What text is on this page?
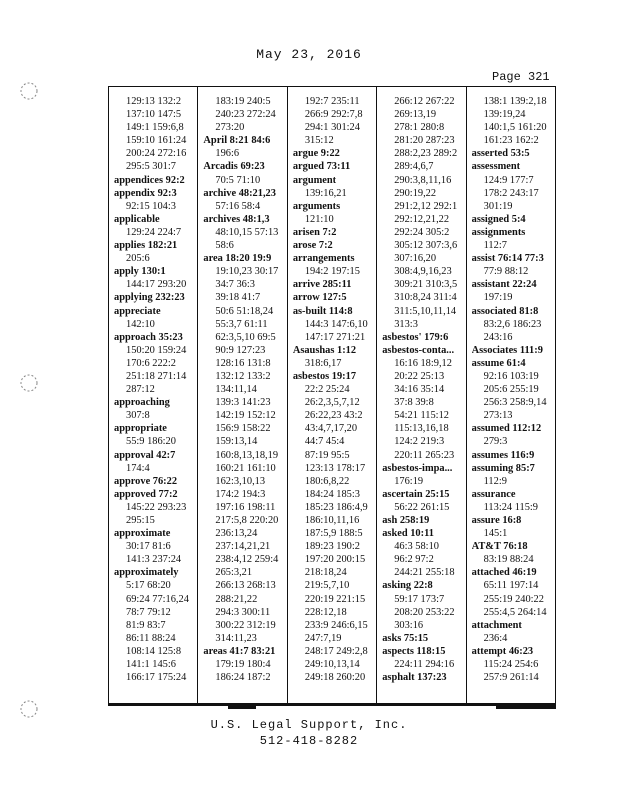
May 23, 2016
Page 321
129:13 132:2
137:10 147:5
149:1 159:6,8
159:10 161:24
200:24 272:16
295:5 301:7
appendices 92:2
appendix 92:3
92:15 104:3
applicable
129:24 224:7
applies 182:21
205:6
apply 130:1
144:17 293:20
applying 232:23
appreciate
142:10
approach 35:23
150:20 159:24
170:6 222:2
251:18 271:14
287:12
approaching
307:8
appropriate
55:9 186:20
approval 42:7
174:4
approve 76:22
approved 77:2
145:22 293:23
295:15
approximate
30:17 81:6
141:3 237:24
approximately
5:17 68:20
69:24 77:16,24
78:7 79:12
81:9 83:7
86:11 88:24
108:14 125:8
141:1 145:6
166:17 175:24
183:19 240:5
240:23 272:24
273:20
April 8:21 84:6
196:6
Arcadis 69:23
70:5 71:10
archive 48:21,23
57:16 58:4
archives 48:1,3
48:10,15 57:13
58:6
area 18:20 19:9
19:10,23 30:17
34:7 36:3
39:18 41:7
50:6 51:18,24
55:3,7 61:11
62:3,5,10 69:5
90:9 127:23
128:16 131:8
132:12 133:2
134:11,14
139:3 141:23
142:19 152:12
156:9 158:22
159:13,14
160:8,13,18,19
160:21 161:10
162:3,10,13
174:2 194:3
197:16 198:11
217:5,8 220:20
236:13,24
237:14,21,21
238:4,12 259:4
265:3,21
266:13 268:13
288:21,22
294:3 300:11
300:22 312:19
314:11,23
areas 41:7 83:21
179:19 180:4
186:24 187:2
192:7 235:11
266:9 292:7,8
294:1 301:24
315:12
argue 9:22
argued 73:11
argument
139:16,21
arguments
121:10
arisen 7:2
arose 7:2
arrangements
194:2 197:15
arrive 285:11
arrow 127:5
as-built 114:8
144:3 147:6,10
147:17 271:21
Asaushas 1:12
318:6,17
asbestos 19:17
22:2 25:24
26:2,3,5,7,12
26:22,23 43:2
43:4,7,17,20
44:7 45:4
87:19 95:5
123:13 178:17
180:6,8,22
184:24 185:3
185:23 186:4,9
186:10,11,16
187:5,9 188:5
189:23 190:2
197:20 200:15
218:18,24
219:5,7,10
220:19 221:15
228:12,18
233:9 246:6,15
247:7,19
248:17 249:2,8
249:10,13,14
249:18 260:20
266:12 267:22
269:13,19
278:1 280:8
281:20 287:23
288:2,23 289:2
289:4,6,7
290:3,8,11,16
290:19,22
291:2,12 292:1
292:12,21,22
292:24 305:2
305:12 307:3,6
307:16,20
308:4,9,16,23
309:21 310:3,5
310:8,24 311:4
311:5,10,11,14
313:3
asbestos' 179:6
asbestos-conta...
16:16 18:9,12
20:22 25:13
34:16 35:14
37:8 39:8
54:21 115:12
115:13,16,18
124:2 219:3
220:11 265:23
asbestos-impa...
176:19
ascertain 25:15
56:22 261:15
ash 258:19
asked 10:11
46:3 58:10
96:2 97:2
244:21 255:18
asking 22:8
59:17 173:7
208:20 253:22
303:16
asks 75:15
aspects 118:15
224:11 294:16
asphalt 137:23
138:1 139:2,18
139:19,24
140:1,5 161:20
161:23 162:2
asserted 53:5
assessment
124:9 177:7
178:2 243:17
301:19
assigned 5:4
assignments
112:7
assist 76:14 77:3
77:9 88:12
assistant 22:24
197:19
associated 81:8
83:2,6 186:23
243:16
Associates 111:9
assume 61:4
92:16 103:19
205:6 255:19
256:3 258:9,14
273:13
assumed 112:12
279:3
assumes 116:9
assuming 85:7
112:9
assurance
113:24 115:9
assure 16:8
145:1
AT&T 76:18
83:19 88:24
attached 46:19
65:11 197:14
255:19 240:22
255:4,5 264:14
attachment
236:4
attempt 46:23
115:24 254:6
257:9 261:14
U.S. Legal Support, Inc.
512-418-8282
